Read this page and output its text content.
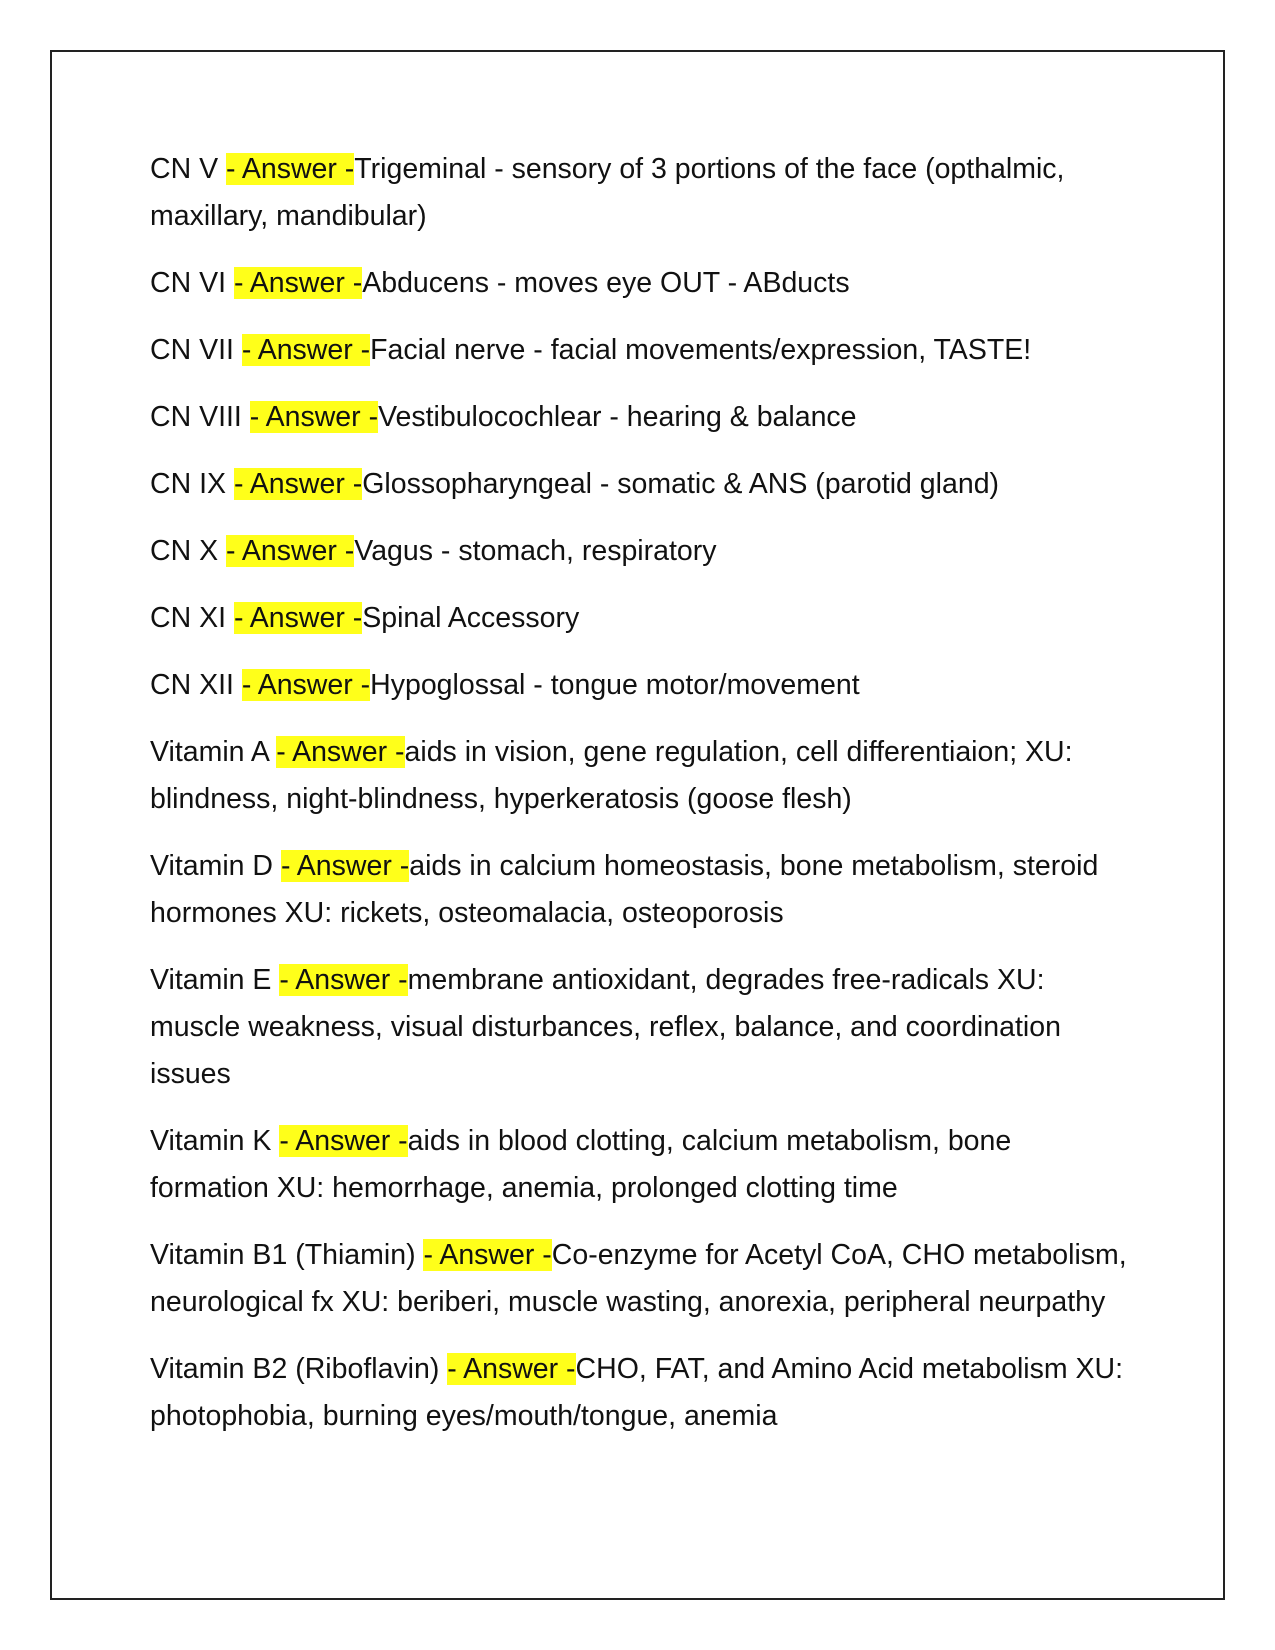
CN V - Answer -Trigeminal - sensory of 3 portions of the face (opthalmic, maxillary, mandibular)

CN VI - Answer -Abducens - moves eye OUT - ABducts

CN VII - Answer -Facial nerve - facial movements/expression, TASTE!

CN VIII - Answer -Vestibulocochlear - hearing & balance

CN IX - Answer -Glossopharyngeal - somatic & ANS (parotid gland)

CN X - Answer -Vagus - stomach, respiratory

CN XI - Answer -Spinal Accessory

CN XII - Answer -Hypoglossal - tongue motor/movement

Vitamin A - Answer -aids in vision, gene regulation, cell differentiaion; XU: blindness, night-blindness, hyperkeratosis (goose flesh)

Vitamin D - Answer -aids in calcium homeostasis, bone metabolism, steroid hormones XU: rickets, osteomalacia, osteoporosis

Vitamin E - Answer -membrane antioxidant, degrades free-radicals XU: muscle weakness, visual disturbances, reflex, balance, and coordination issues

Vitamin K - Answer -aids in blood clotting, calcium metabolism, bone formation XU: hemorrhage, anemia, prolonged clotting time

Vitamin B1 (Thiamin) - Answer -Co-enzyme for Acetyl CoA, CHO metabolism, neurological fx XU: beriberi, muscle wasting, anorexia, peripheral neurpathy

Vitamin B2 (Riboflavin) - Answer -CHO, FAT, and Amino Acid metabolism XU: photophobia, burning eyes/mouth/tongue, anemia
